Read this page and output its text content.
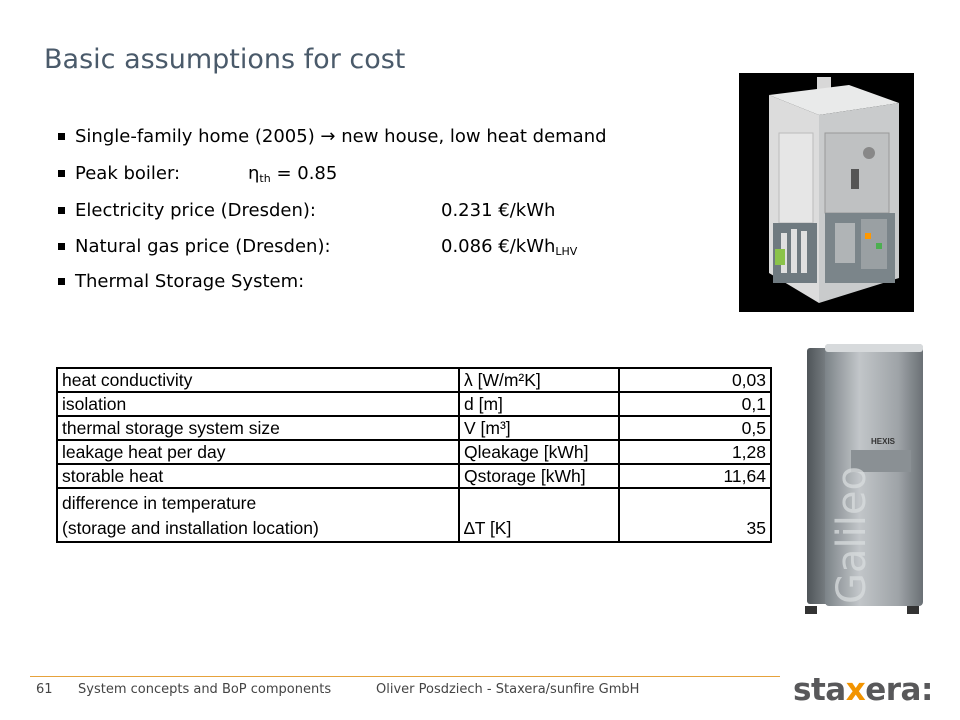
Basic assumptions for cost
Single-family home (2005) → new house, low heat demand
Peak boiler:	$\eta_{th} = 0.85$
Electricity price (Dresden):	0.231 €/kWh
Natural gas price (Dresden):	0.086 €/kWh$_{LHV}$
Thermal Storage System:
HEXIS
Galileo
heat conductivity	λ [W/m²K]	0,03
isolation	d [m]	0,1
thermal storage system size	V [m³]	0,5
leakage heat per day	Qleakage [kWh]	1,28
storable heat	Qstorage [kWh]	11,64

difference in temperature
(storage and installation location)	∆T [K]	35
61 System concepts and BoP components	Oliver Posdziech - Staxera/sunfire GmbH	staxera:
